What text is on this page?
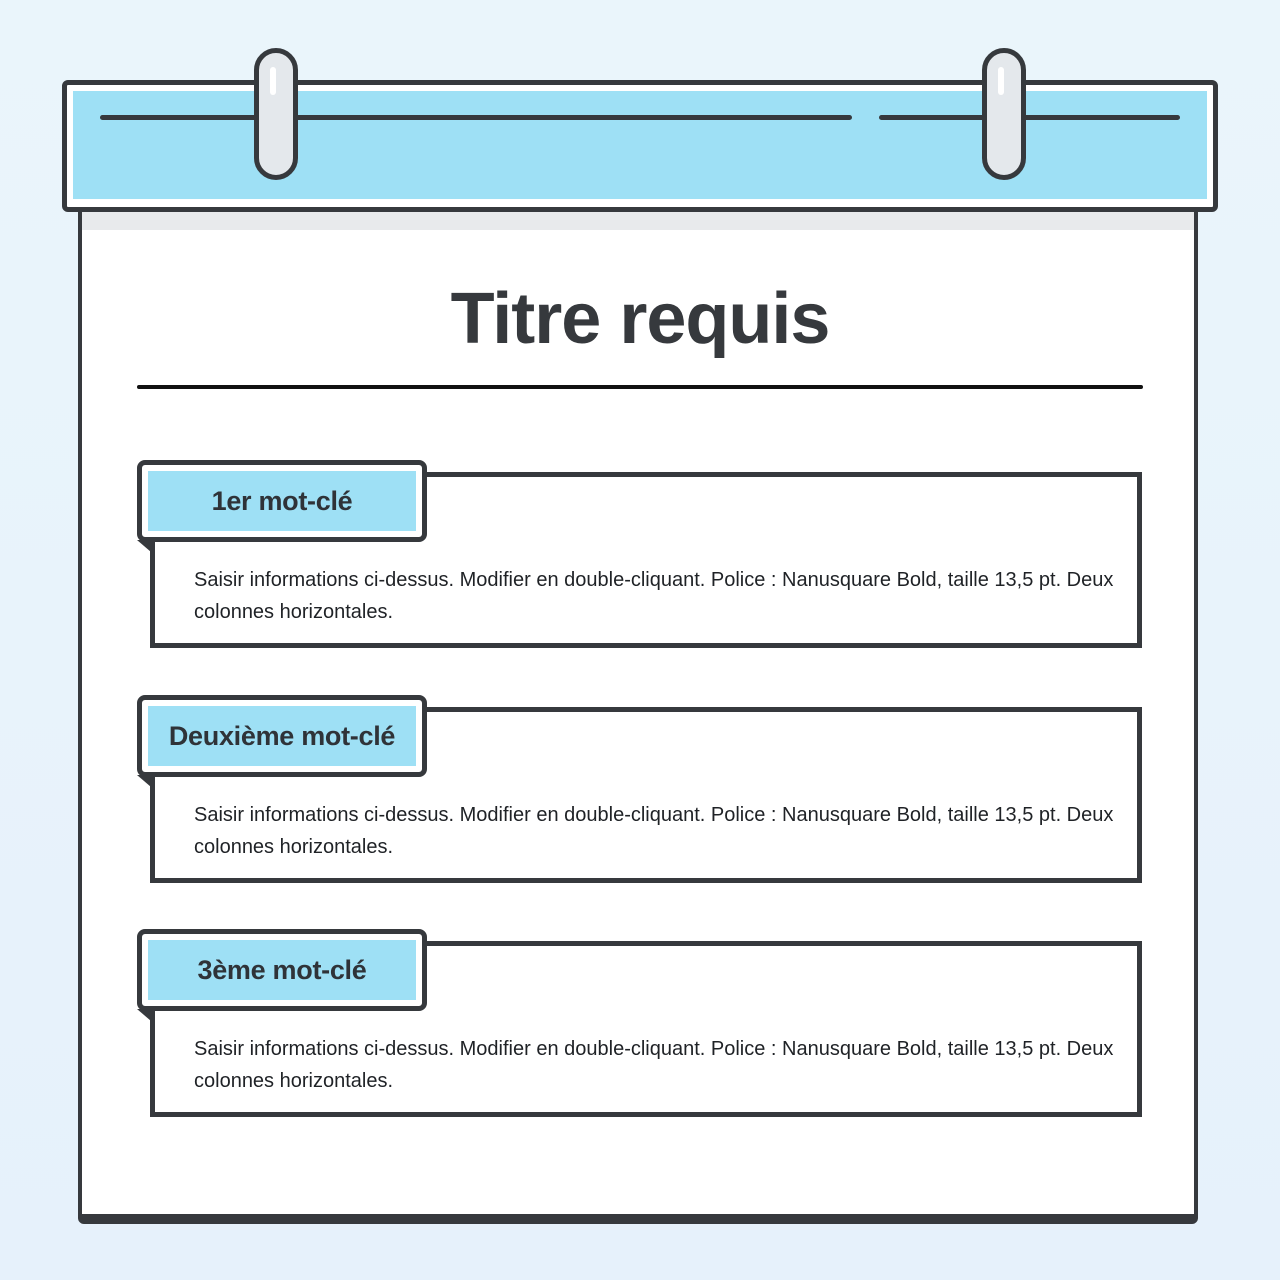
Titre requis
1er mot-clé
Saisir informations ci-dessus. Modifier en double-cliquant. Police : Nanusquare Bold, taille 13,5 pt. Deux colonnes horizontales.
Deuxième mot-clé
Saisir informations ci-dessus. Modifier en double-cliquant. Police : Nanusquare Bold, taille 13,5 pt. Deux colonnes horizontales.
3ème mot-clé
Saisir informations ci-dessus. Modifier en double-cliquant. Police : Nanusquare Bold, taille 13,5 pt. Deux colonnes horizontales.
